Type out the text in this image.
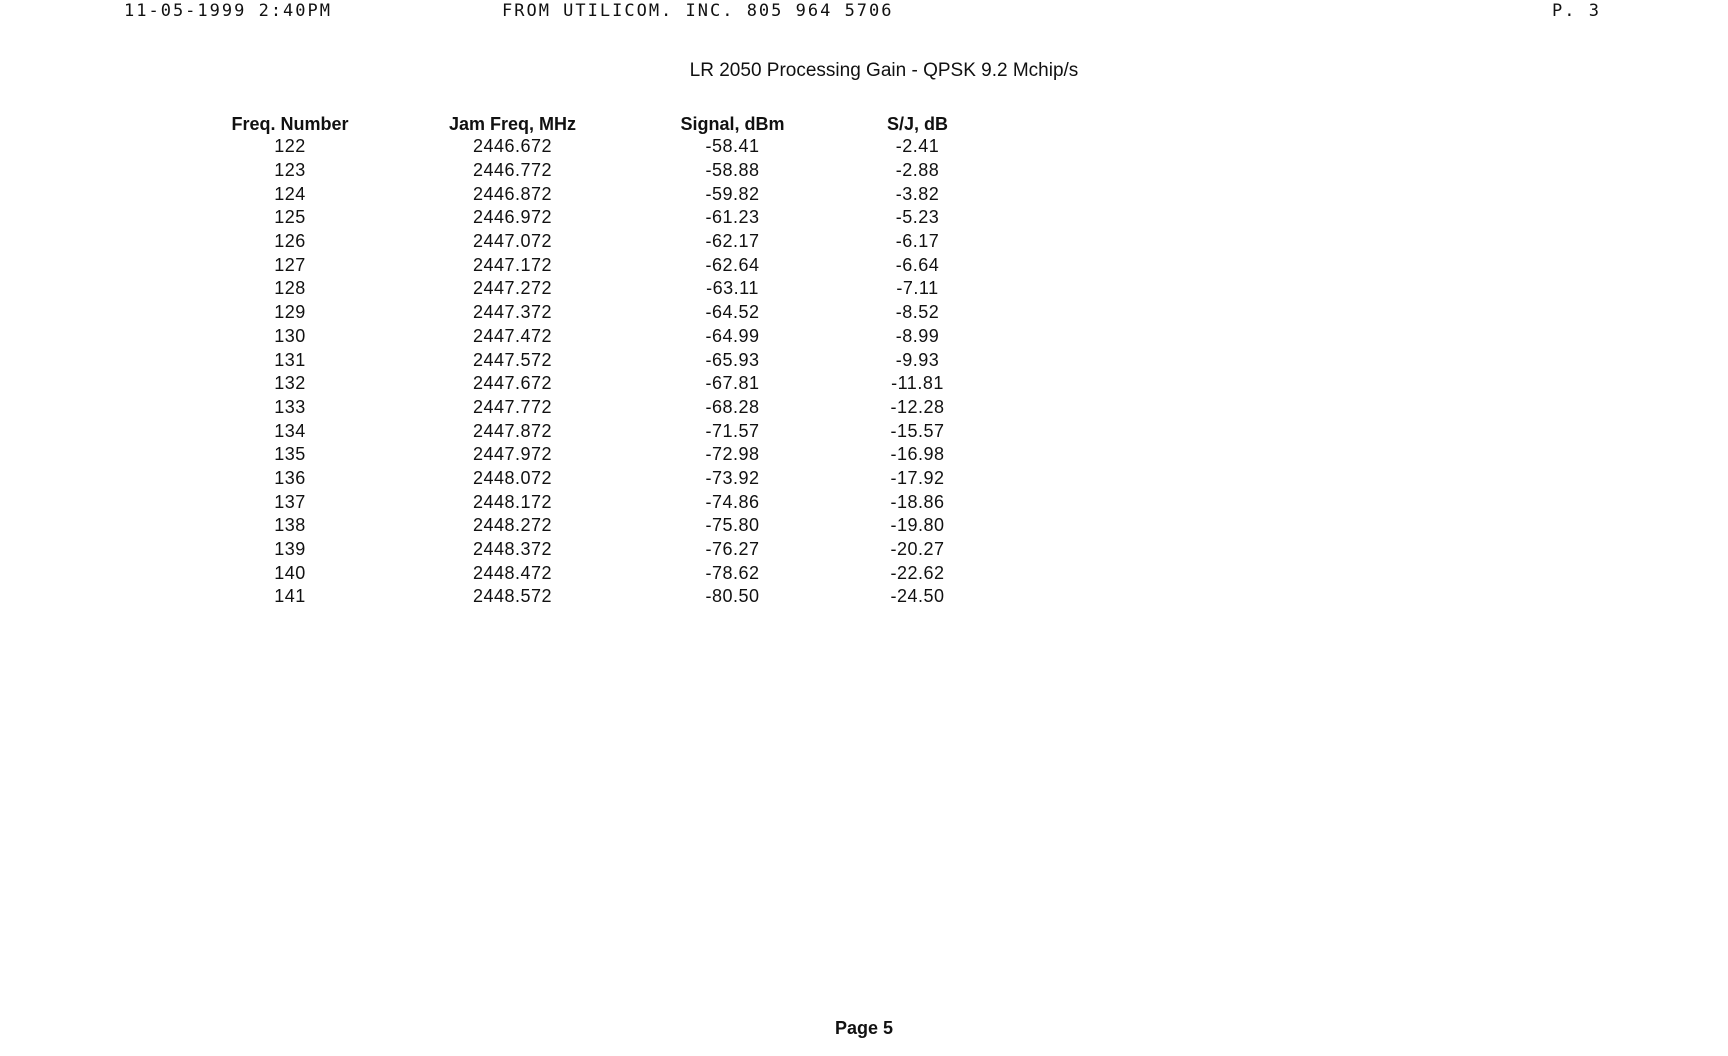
11-05-1999 2:40PM	FROM UTILICOM. INC. 805 964 5706	P. 3
LR 2050 Processing Gain - QPSK 9.2 Mchip/s
Freq. Number	Jam Freq, MHz	Signal, dBm	S/J, dB
122	2446.672	-58.41	-2.41
123	2446.772	-58.88	-2.88
124	2446.872	-59.82	-3.82
125	2446.972	-61.23	-5.23
126	2447.072	-62.17	-6.17
127	2447.172	-62.64	-6.64
128	2447.272	-63.11	-7.11
129	2447.372	-64.52	-8.52
130	2447.472	-64.99	-8.99
131	2447.572	-65.93	-9.93
132	2447.672	-67.81	-11.81
133	2447.772	-68.28	-12.28
134	2447.872	-71.57	-15.57
135	2447.972	-72.98	-16.98
136	2448.072	-73.92	-17.92
137	2448.172	-74.86	-18.86
138	2448.272	-75.80	-19.80
139	2448.372	-76.27	-20.27
140	2448.472	-78.62	-22.62
141	2448.572	-80.50	-24.50
Page 5
